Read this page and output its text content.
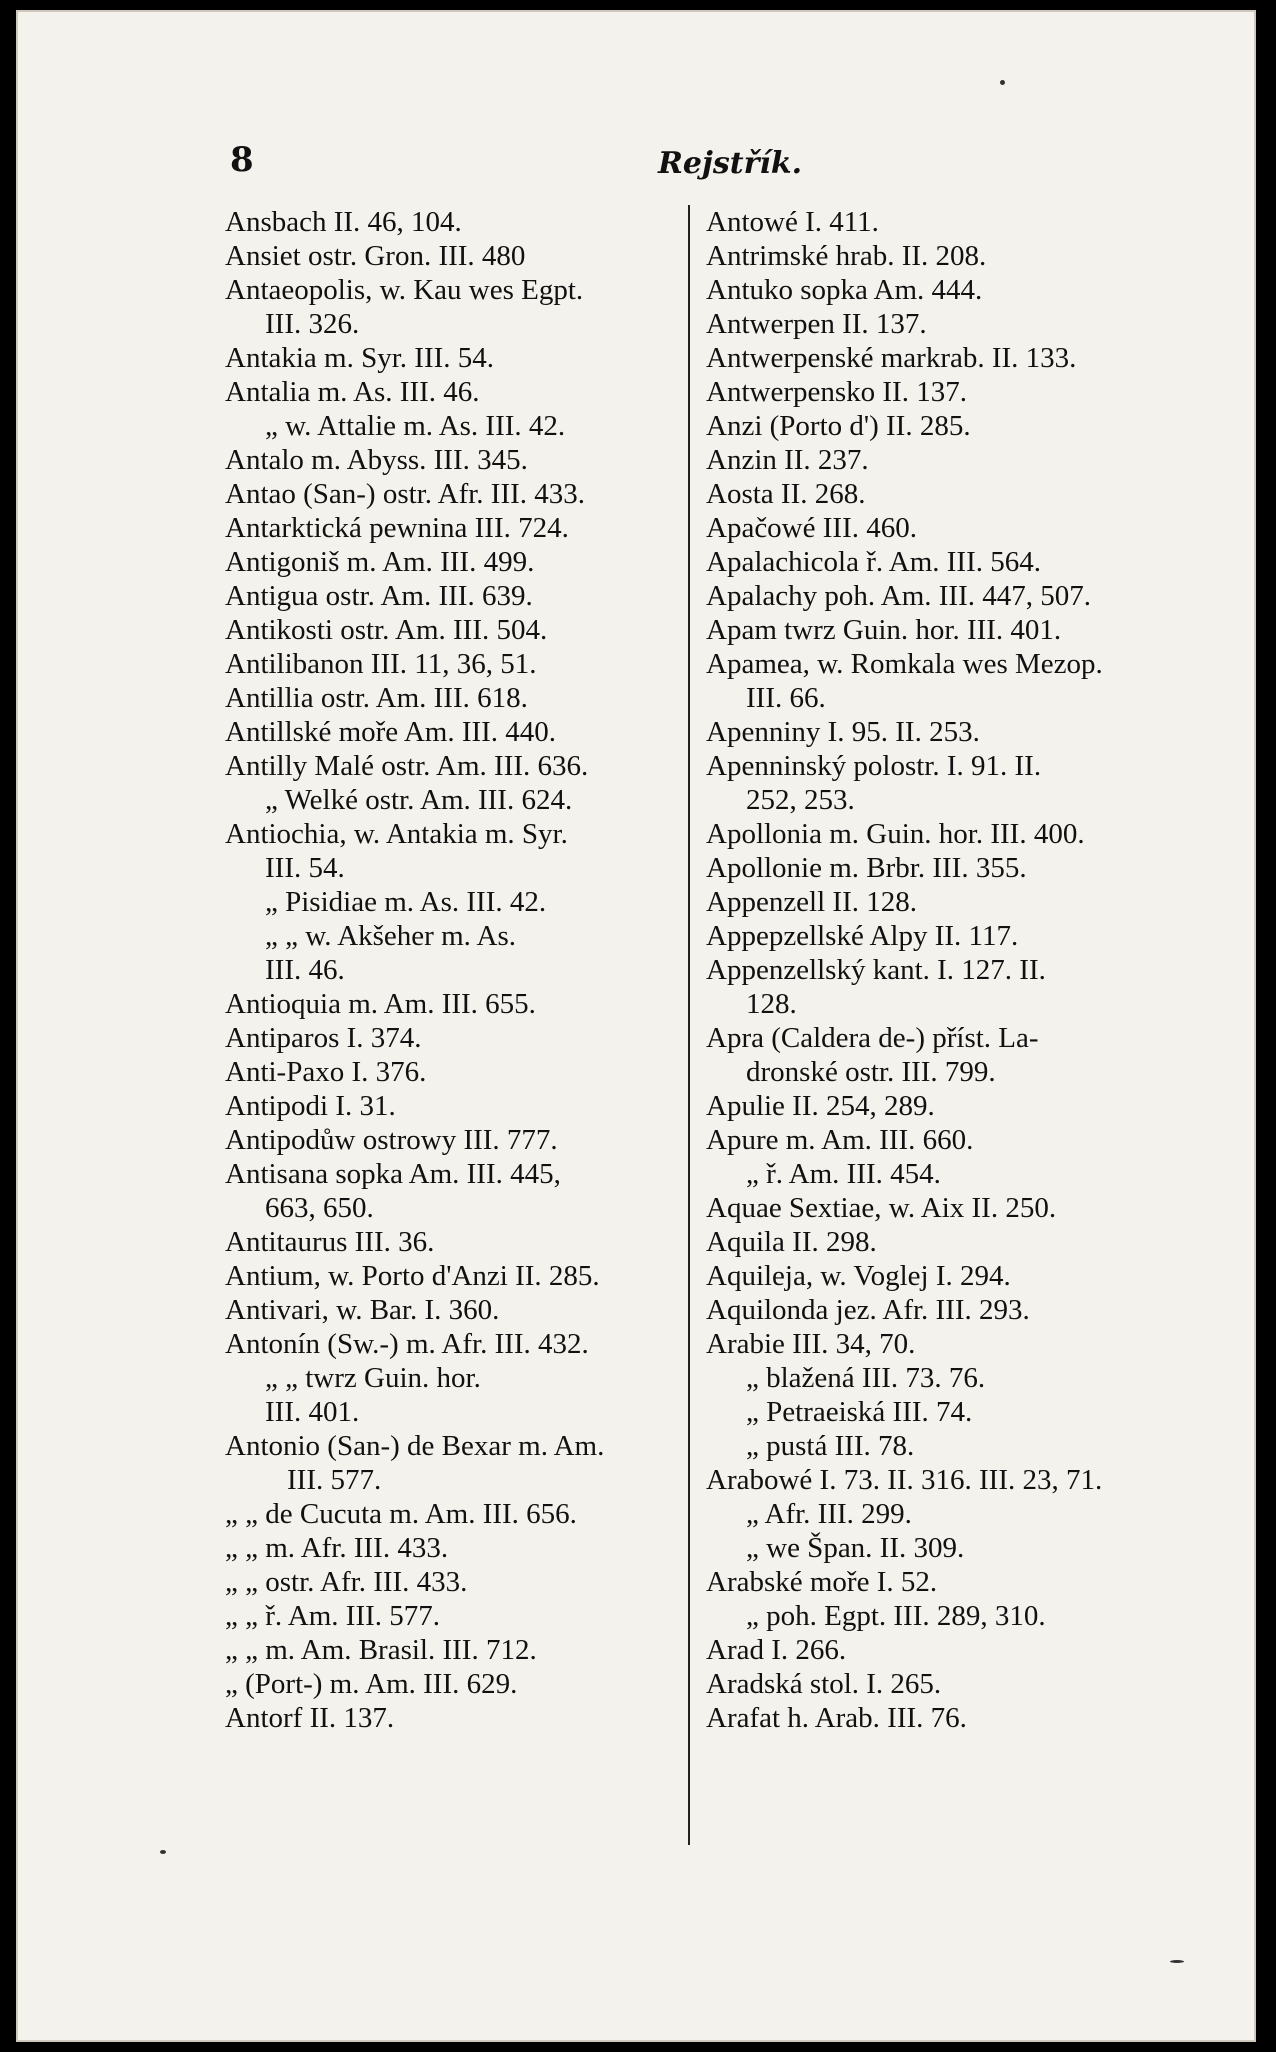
8	Rejstřík.
Ansbach II. 46, 104.
Ansiet ostr. Gron. III. 480
Antaeopolis, w. Kau wes Egpt.
III. 326.
Antakia m. Syr. III. 54.
Antalia m. As. III. 46.
„ w. Attalie m. As. III. 42.
Antalo m. Abyss. III. 345.
Antao (San-) ostr. Afr. III. 433.
Antarktická pewnina III. 724.
Antigoniš m. Am. III. 499.
Antigua ostr. Am. III. 639.
Antikosti ostr. Am. III. 504.
Antilibanon III. 11, 36, 51.
Antillia ostr. Am. III. 618.
Antillské moře Am. III. 440.
Antilly Malé ostr. Am. III. 636.
„ Welké ostr. Am. III. 624.
Antiochia, w. Antakia m. Syr.
III. 54.
„ Pisidiae m. As. III. 42.
„ „ w. Akšeher m. As.
III. 46.
Antioquia m. Am. III. 655.
Antiparos I. 374.
Anti-Paxo I. 376.
Antipodi I. 31.
Antipodůw ostrowy III. 777.
Antisana sopka Am. III. 445,
663, 650.
Antitaurus III. 36.
Antium, w. Porto d'Anzi II. 285.
Antivari, w. Bar. I. 360.
Antonín (Sw.-) m. Afr. III. 432.
„ „ twrz Guin. hor.
III. 401.
Antonio (San-) de Bexar m. Am.
III. 577.
„ „ de Cucuta m. Am. III. 656.
„ „ m. Afr. III. 433.
„ „ ostr. Afr. III. 433.
„ „ ř. Am. III. 577.
„ „ m. Am. Brasil. III. 712.
„ (Port-) m. Am. III. 629.
Antorf II. 137.
Antowé I. 411.
Antrimské hrab. II. 208.
Antuko sopka Am. 444.
Antwerpen II. 137.
Antwerpenské markrab. II. 133.
Antwerpensko II. 137.
Anzi (Porto d') II. 285.
Anzin II. 237.
Aosta II. 268.
Apačowé III. 460.
Apalachicola ř. Am. III. 564.
Apalachy poh. Am. III. 447, 507.
Apam twrz Guin. hor. III. 401.
Apamea, w. Romkala wes Mezop.
III. 66.
Apenniny I. 95. II. 253.
Apenninský polostr. I. 91. II.
252, 253.
Apollonia m. Guin. hor. III. 400.
Apollonie m. Brbr. III. 355.
Appenzell II. 128.
Appepzellské Alpy II. 117.
Appenzellský kant. I. 127. II.
128.
Apra (Caldera de-) příst. La-
dronské ostr. III. 799.
Apulie II. 254, 289.
Apure m. Am. III. 660.
„ ř. Am. III. 454.
Aquae Sextiae, w. Aix II. 250.
Aquila II. 298.
Aquileja, w. Voglej I. 294.
Aquilonda jez. Afr. III. 293.
Arabie III. 34, 70.
„ blažená III. 73. 76.
„ Petraeiská III. 74.
„ pustá III. 78.
Arabowé I. 73. II. 316. III. 23, 71.
„ Afr. III. 299.
„ we Špan. II. 309.
Arabské moře I. 52.
„ poh. Egpt. III. 289, 310.
Arad I. 266.
Aradská stol. I. 265.
Arafat h. Arab. III. 76.
